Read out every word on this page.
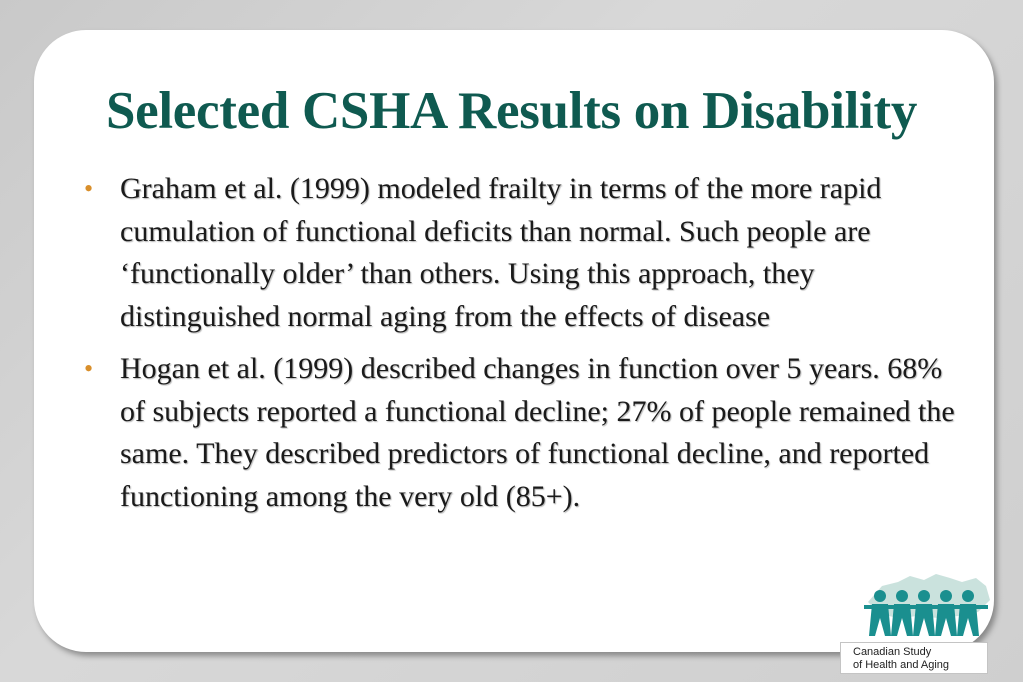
Selected CSHA Results on Disability
• Graham et al. (1999) modeled frailty in terms of the more rapid cumulation of functional deficits than normal. Such people are ‘functionally older’ than others. Using this approach, they distinguished normal aging from the effects of disease
• Hogan et al. (1999) described changes in function over 5 years. 68% of subjects reported a functional decline; 27% of people remained the same. They described predictors of functional decline, and reported functioning among the very old (85+).
Canadian Study
of Health and Aging
